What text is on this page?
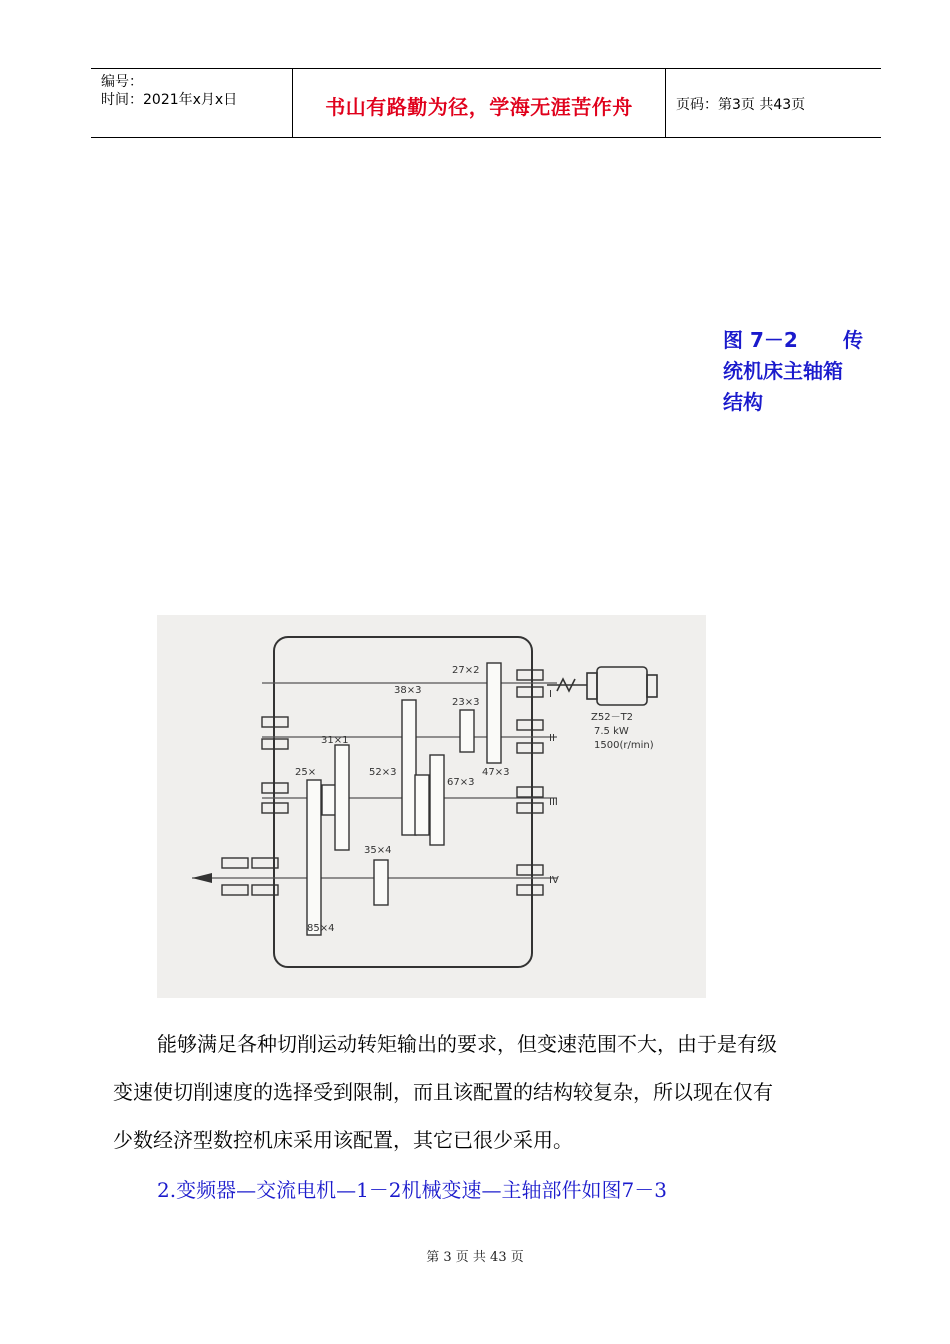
编号：
时间：2021年x月x日	书山有路勤为径，学海无涯苦作舟	页码：第3页 共43页
图 7－2 传
统机床主轴箱
结构
27×2
23×3
38×3
31×1
25×	52×3
67×3
47×3
35×4
85×4
Z52－T2
7.5 kW
1500(r/min)
I
II
III
IV
能够满足各种切削运动转矩输出的要求，但变速范围不大，由于是有级
变速使切削速度的选择受到限制，而且该配置的结构较复杂，所以现在仅有
少数经济型数控机床采用该配置，其它已很少采用。
2.变频器—交流电机—1－2机械变速—主轴部件如图7－3
第 3 页 共 43 页
